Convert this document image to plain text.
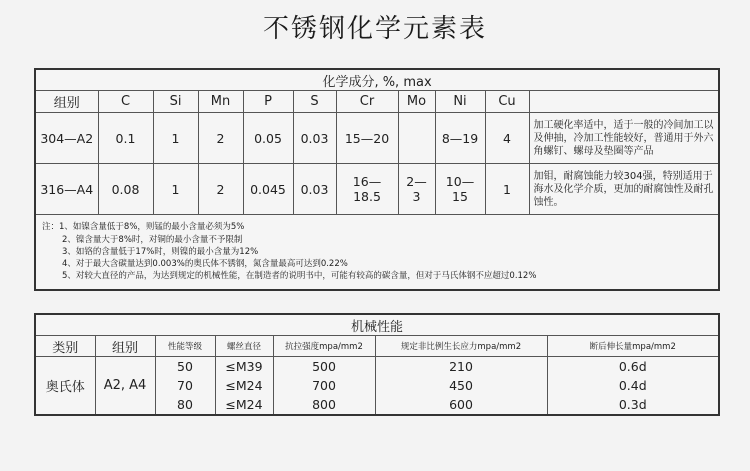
不锈钢化学元素表
化学成分, %, max										
组别	C	Si	Mn	P	S	Cr	Mo	Ni	Cu	
304—A2	0.1	1	2	0.05	0.03	15—20		8—19	4	加工硬化率适中，适于一般的冷间加工以及伸抽，冷加工性能较好，普通用于外六角螺钉、螺母及垫圈等产品
316—A4	0.08	1	2	0.045	0.03	16—18.5	2—3	10—15	1	加钼，耐腐蚀能力较304强，特别适用于海水及化学介质，更加的耐腐蚀性及耐孔蚀性。

注：1、如镍含量低于8%，则锰的最小含量必须为5%
2、镍含量大于8%时，对铜的最小含量不予限制
3、如铬的含量低于17%时，则镍的最小含量为12%
4、对于最大含碳量达到0.003%的奥氏体不锈钢，氮含量最高可达到0.22%
5、对较大直径的产品，为达到规定的机械性能，在制造者的说明书中，可能有较高的碳含量，但对于马氏体钢不应超过0.12%										
机械性能						
类别	组别	性能等级	螺丝直径	抗拉强度mpa/mm2	规定非比例生长应力mpa/mm2	断后伸长量mpa/mm2
奥氏体	A2, A4	50	≤M39	500	210	0.6d
		70	≤M24	700	450	0.4d
		80	≤M24	800	600	0.3d
